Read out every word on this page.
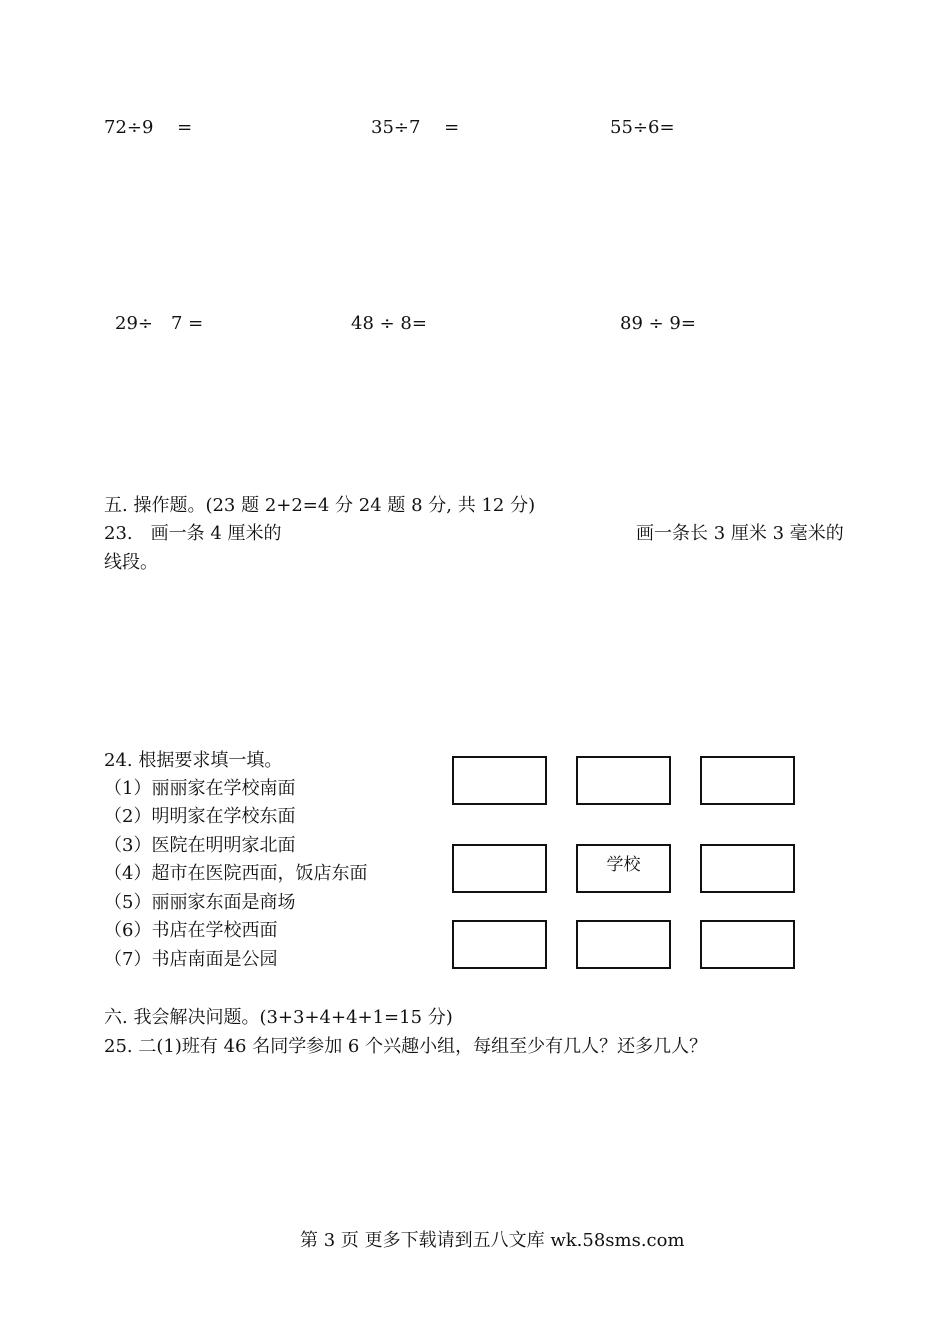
72÷9　 =	35÷7　 =	55÷6=
29÷　7 =	48 ÷ 8=	89 ÷ 9=
五. 操作题。(23 题 2+2=4 分 24 题 8 分, 共 12 分)
23.　画一条 4 厘米的	画一条长 3 厘米 3 毫米的
线段。
24. 根据要求填一填。
（1）丽丽家在学校南面
（2）明明家在学校东面
（3）医院在明明家北面
（4）超市在医院西面，饭店东面
（5）丽丽家东面是商场
（6）书店在学校西面
（7）书店南面是公园
学校
六. 我会解决问题。(3+3+4+4+1=15 分)
25. 二(1)班有 46 名同学参加 6 个兴趣小组，每组至少有几人？还多几人？
第 3 页 更多下载请到五八文库 wk.58sms.com
